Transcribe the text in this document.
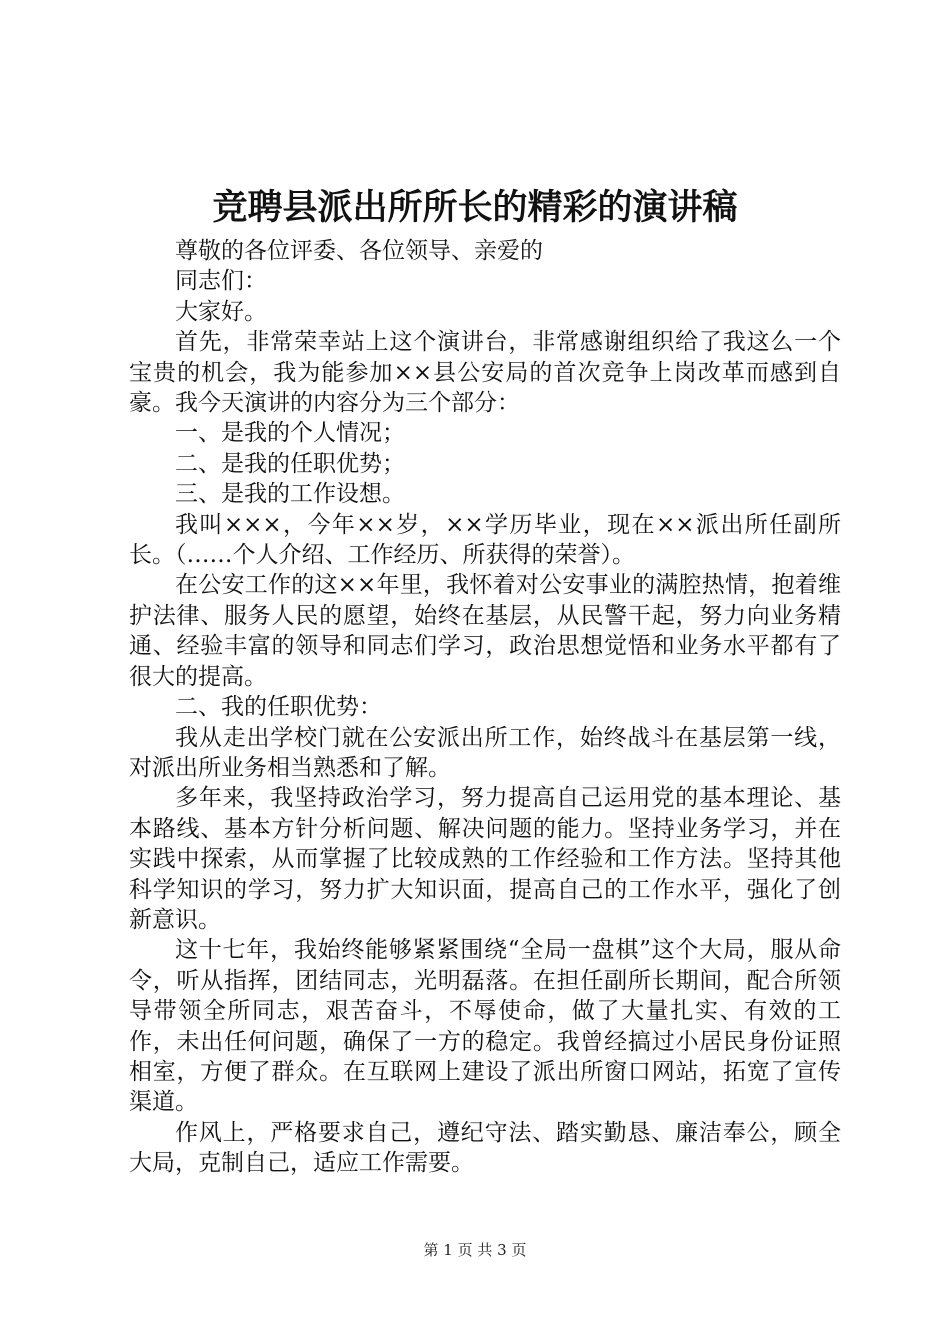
竞聘县派出所所长的精彩的演讲稿

尊敬的各位评委、各位领导、亲爱的

同志们：

大家好。

首先，非常荣幸站上这个演讲台，非常感谢组织给了我这么一个宝贵的机会，我为能参加××县公安局的首次竞争上岗改革而感到自豪。我今天演讲的内容分为三个部分：

一、是我的个人情况；

二、是我的任职优势；

三、是我的工作设想。

我叫×××，今年××岁，××学历毕业，现在××派出所任副所长。（……个人介绍、工作经历、所获得的荣誉）。

在公安工作的这××年里，我怀着对公安事业的满腔热情，抱着维护法律、服务人民的愿望，始终在基层，从民警干起，努力向业务精通、经验丰富的领导和同志们学习，政治思想觉悟和业务水平都有了很大的提高。

二、我的任职优势：

我从走出学校门就在公安派出所工作，始终战斗在基层第一线，对派出所业务相当熟悉和了解。

多年来，我坚持政治学习，努力提高自己运用党的基本理论、基本路线、基本方针分析问题、解决问题的能力。坚持业务学习，并在实践中探索，从而掌握了比较成熟的工作经验和工作方法。坚持其他科学知识的学习，努力扩大知识面，提高自己的工作水平，强化了创新意识。

这十七年，我始终能够紧紧围绕“全局一盘棋”这个大局，服从命令，听从指挥，团结同志，光明磊落。在担任副所长期间，配合所领导带领全所同志，艰苦奋斗，不辱使命，做了大量扎实、有效的工作，未出任何问题，确保了一方的稳定。我曾经搞过小居民身份证照相室，方便了群众。在互联网上建设了派出所窗口网站，拓宽了宣传渠道。

作风上，严格要求自己，遵纪守法、踏实勤恳、廉洁奉公，顾全大局，克制自己，适应工作需要。

第 1 页 共 3 页
